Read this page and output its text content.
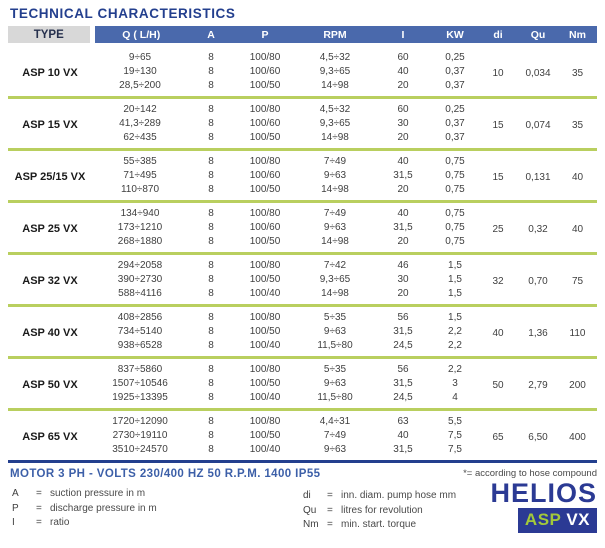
TECHNICAL CHARACTERISTICS
TYPE	Q ( L/H)	A	P	RPM	I	KW	di	Qu	Nm
ASP 10 VX	9÷65	8	100/80	4,5÷32	60	0,25	10	0,034	35
	19÷130	8	100/60	9,3÷65	40	0,37			
	28,5÷200	8	100/50	14÷98	20	0,37			
ASP 15 VX	20÷142	8	100/80	4,5÷32	60	0,25	15	0,074	35
	41,3÷289	8	100/60	9,3÷65	30	0,37			
	62÷435	8	100/50	14÷98	20	0,37			
ASP 25/15 VX	55÷385	8	100/80	7÷49	40	0,75	15	0,131	40
	71÷495	8	100/60	9÷63	31,5	0,75			
	110÷870	8	100/50	14÷98	20	0,75			
ASP 25 VX	134÷940	8	100/80	7÷49	40	0,75	25	0,32	40
	173÷1210	8	100/60	9÷63	31,5	0,75			
	268÷1880	8	100/50	14÷98	20	0,75			
ASP 32 VX	294÷2058	8	100/80	7÷42	46	1,5	32	0,70	75
	390÷2730	8	100/50	9,3÷65	30	1,5			
	588÷4116	8	100/40	14÷98	20	1,5			
ASP 40 VX	408÷2856	8	100/80	5÷35	56	1,5	40	1,36	110
	734÷5140	8	100/50	9÷63	31,5	2,2			
	938÷6528	8	100/40	11,5÷80	24,5	2,2			
ASP 50 VX	837÷5860	8	100/80	5÷35	56	2,2	50	2,79	200
	1507÷10546	8	100/50	9÷63	31,5	3			
	1925÷13395	8	100/40	11,5÷80	24,5	4			
ASP 65 VX	1720÷12090	8	100/80	4,4÷31	63	5,5	65	6,50	400
	2730÷19110	8	100/50	7÷49	40	7,5			
	3510÷24570	8	100/40	9÷63	31,5	7,5			
MOTOR 3 PH - VOLTS 230/400 HZ 50 R.P.M. 1400 IP55
A	= suction pressure in m
P	= discharge pressure in m
I	= ratio
di	= inn. diam. pump hose mm
Qu	= litres for revolution
Nm = min. start. torque
*= according to hose compound
HELIOS
ASP VX
